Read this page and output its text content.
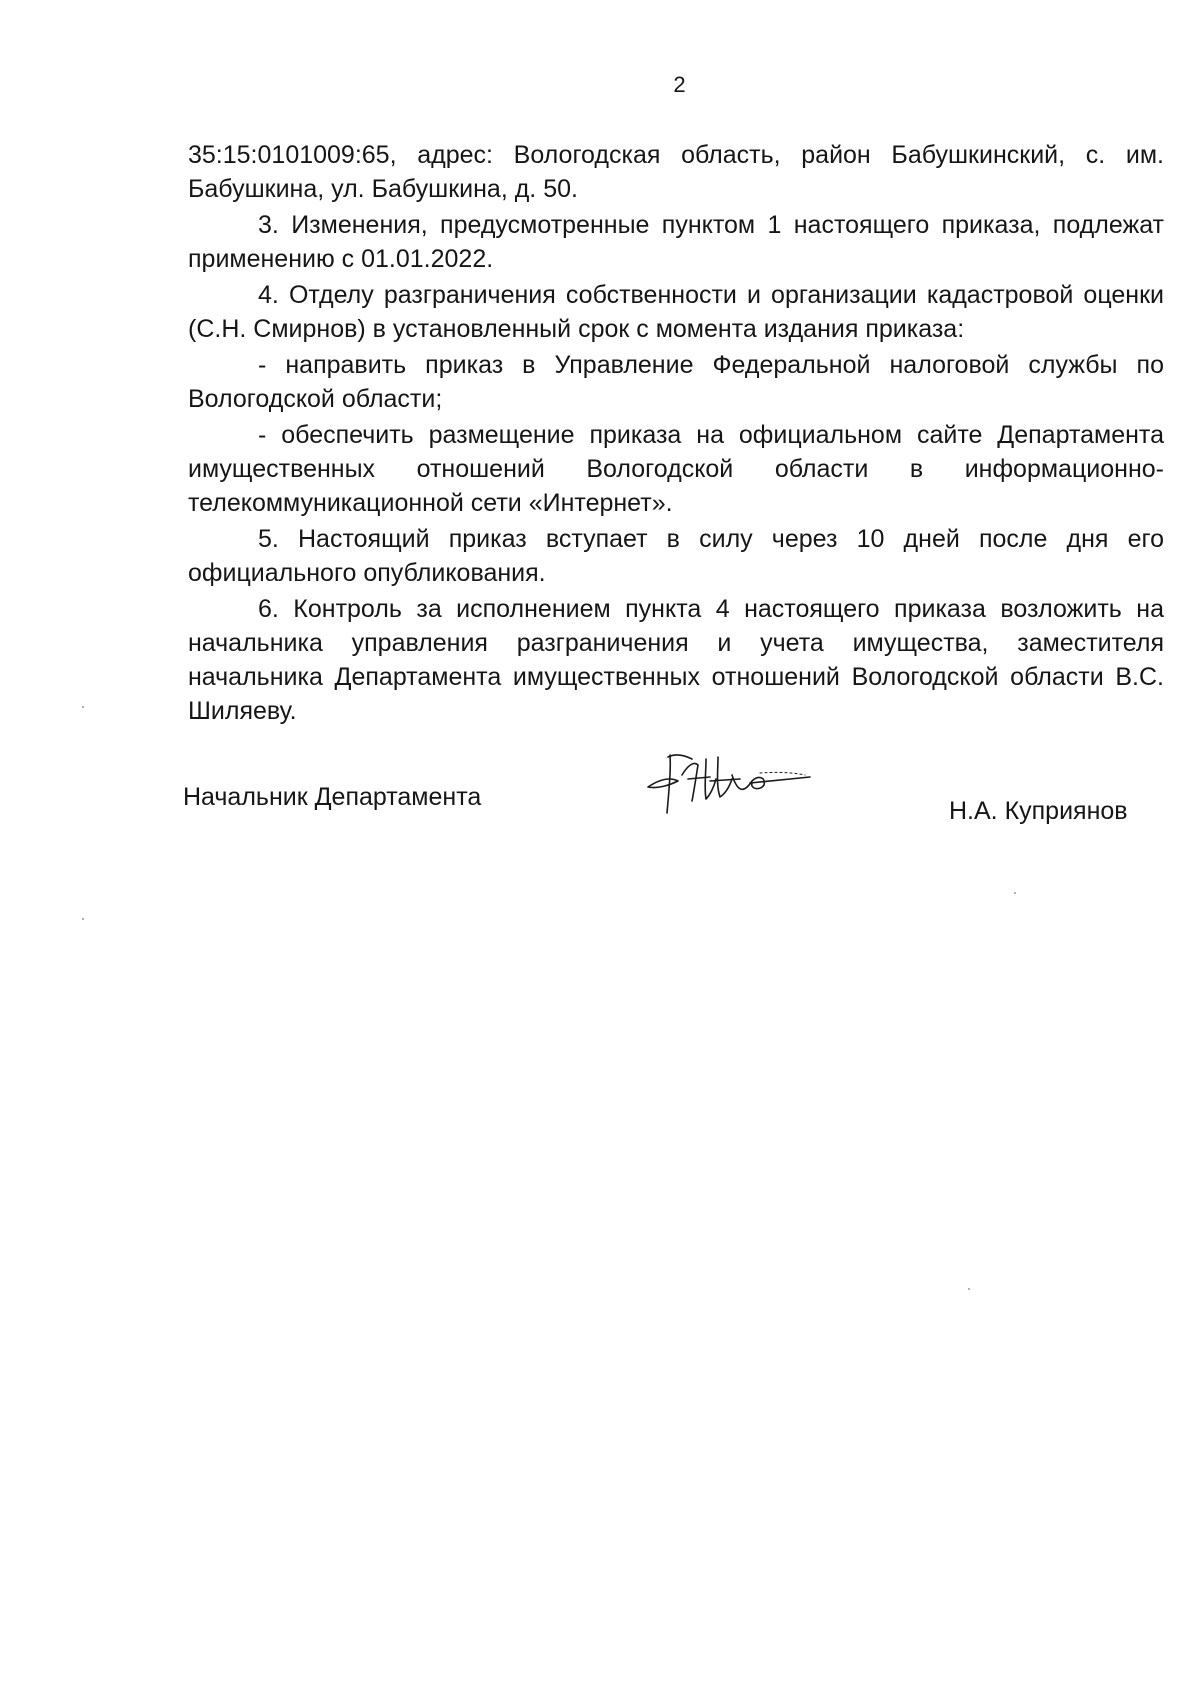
2

35:15:0101009:65, адрес: Вологодская область, район Бабушкинский, с. им. Бабушкина, ул. Бабушкина, д. 50.

3. Изменения, предусмотренные пунктом 1 настоящего приказа, подлежат применению с 01.01.2022.

4. Отделу разграничения собственности и организации кадастровой оценки (С.Н. Смирнов) в установленный срок с момента издания приказа:

- направить приказ в Управление Федеральной налоговой службы по Вологодской области;

- обеспечить размещение приказа на официальном сайте Департамента имущественных отношений Вологодской области в информационно-телекоммуникационной сети «Интернет».

5. Настоящий приказ вступает в силу через 10 дней после дня его официального опубликования.

6. Контроль за исполнением пункта 4 настоящего приказа возложить на начальника управления разграничения и учета имущества, заместителя начальника Департамента имущественных отношений Вологодской области В.С. Шиляеву.

Начальник Департамента	Н.А. Куприянов
